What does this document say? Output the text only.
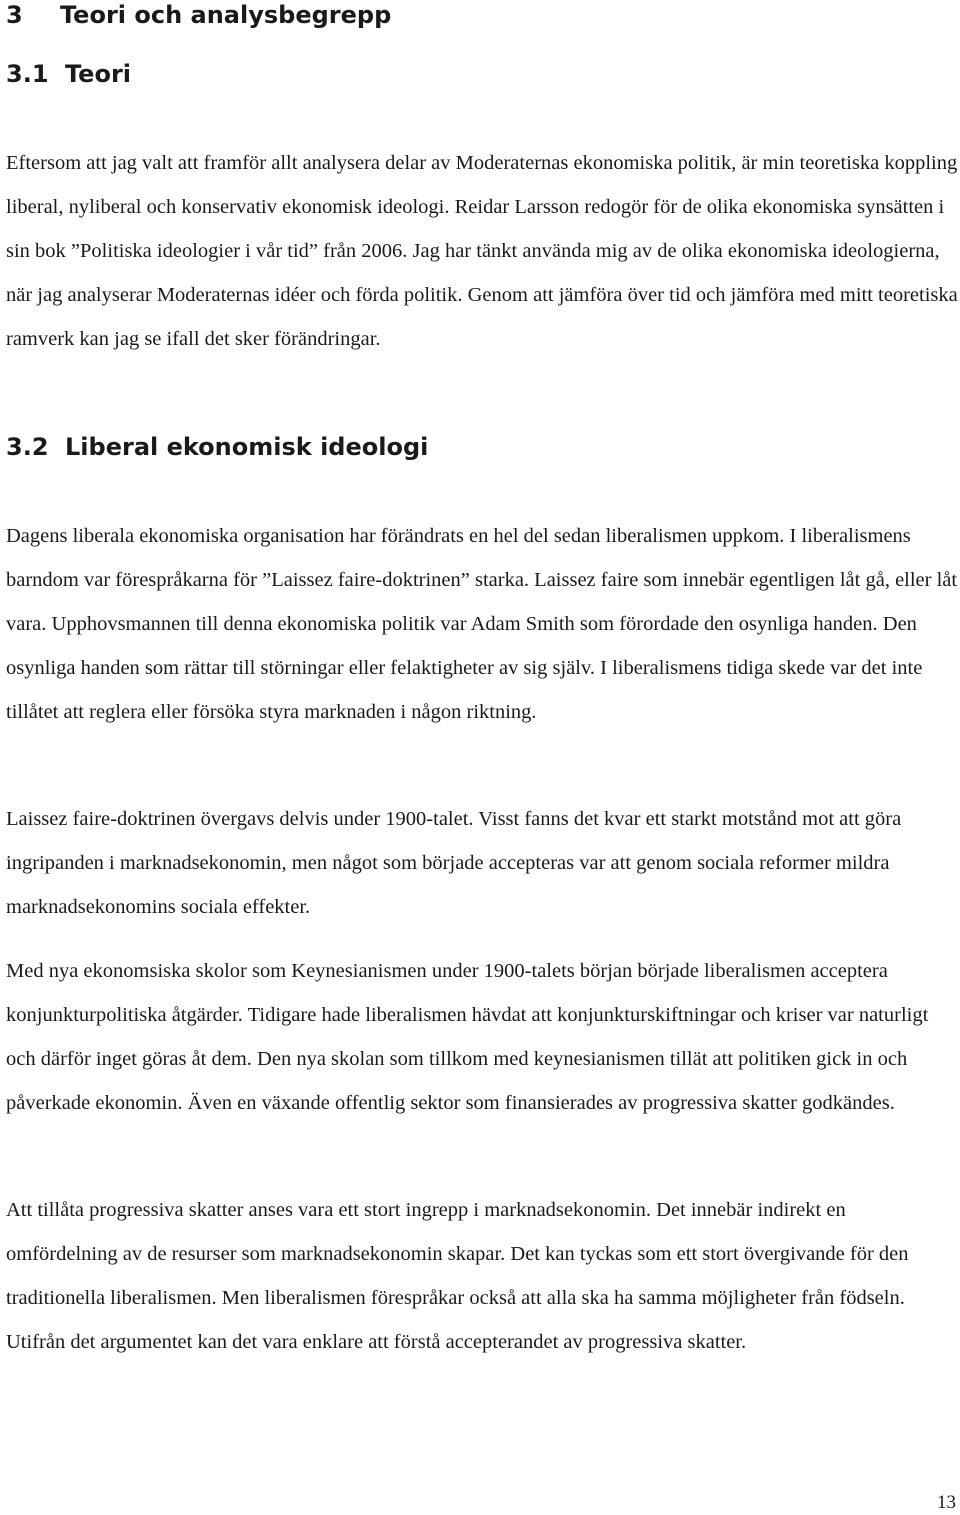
3 Teori och analysbegrepp
3.1 Teori

Eftersom att jag valt att framför allt analysera delar av Moderaternas ekonomiska politik, är min teoretiska koppling liberal, nyliberal och konservativ ekonomisk ideologi. Reidar Larsson redogör för de olika ekonomiska synsätten i sin bok ”Politiska ideologier i vår tid” från 2006. Jag har tänkt använda mig av de olika ekonomiska ideologierna, när jag analyserar Moderaternas idéer och förda politik. Genom att jämföra över tid och jämföra med mitt teoretiska ramverk kan jag se ifall det sker förändringar.

3.2 Liberal ekonomisk ideologi

Dagens liberala ekonomiska organisation har förändrats en hel del sedan liberalismen uppkom. I liberalismens barndom var förespråkarna för ”Laissez faire-doktrinen” starka. Laissez faire som innebär egentligen låt gå, eller låt vara. Upphovsmannen till denna ekonomiska politik var Adam Smith som förordade den osynliga handen. Den osynliga handen som rättar till störningar eller felaktigheter av sig själv. I liberalismens tidiga skede var det inte tillåtet att reglera eller försöka styra marknaden i någon riktning.

Laissez faire-doktrinen övergavs delvis under 1900-talet. Visst fanns det kvar ett starkt motstånd mot att göra ingripanden i marknadsekonomin, men något som började accepteras var att genom sociala reformer mildra marknadsekonomins sociala effekter.

Med nya ekonomsiska skolor som Keynesianismen under 1900-talets början började liberalismen acceptera konjunkturpolitiska åtgärder. Tidigare hade liberalismen hävdat att konjunkturskiftningar och kriser var naturligt och därför inget göras åt dem. Den nya skolan som tillkom med keynesianismen tillät att politiken gick in och påverkade ekonomin. Även en växande offentlig sektor som finansierades av progressiva skatter godkändes.

Att tillåta progressiva skatter anses vara ett stort ingrepp i marknadsekonomin. Det innebär indirekt en omfördelning av de resurser som marknadsekonomin skapar. Det kan tyckas som ett stort övergivande för den traditionella liberalismen. Men liberalismen förespråkar också att alla ska ha samma möjligheter från födseln. Utifrån det argumentet kan det vara enklare att förstå accepterandet av progressiva skatter.

13
